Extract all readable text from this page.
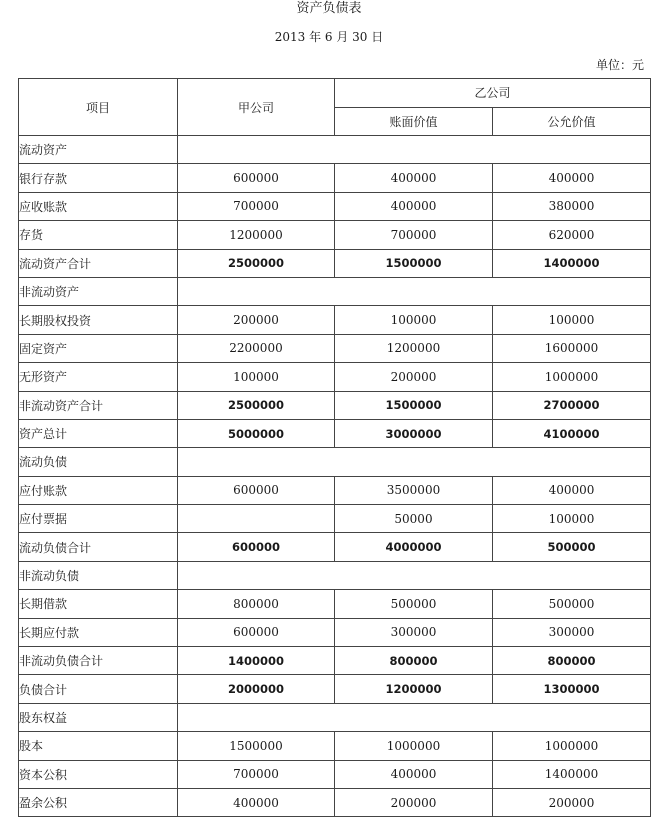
资产负债表
2013 年 6 月 30 日
单位：元
项目	甲公司	乙公司	
		账面价值	公允价值
流动资产			
银行存款	600000	400000	400000
应收账款	700000	400000	380000
存货	1200000	700000	620000
流动资产合计	2500000	1500000	1400000
非流动资产			
长期股权投资	200000	100000	100000
固定资产	2200000	1200000	1600000
无形资产	100000	200000	1000000
非流动资产合计	2500000	1500000	2700000
资产总计	5000000	3000000	4100000
流动负债			
应付账款	600000	3500000	400000
应付票据		50000	100000
流动负债合计	600000	4000000	500000
非流动负债			
长期借款	800000	500000	500000
长期应付款	600000	300000	300000
非流动负债合计	1400000	800000	800000
负债合计	2000000	1200000	1300000
股东权益			
股本	1500000	1000000	1000000
资本公积	700000	400000	1400000
盈余公积	400000	200000	200000
